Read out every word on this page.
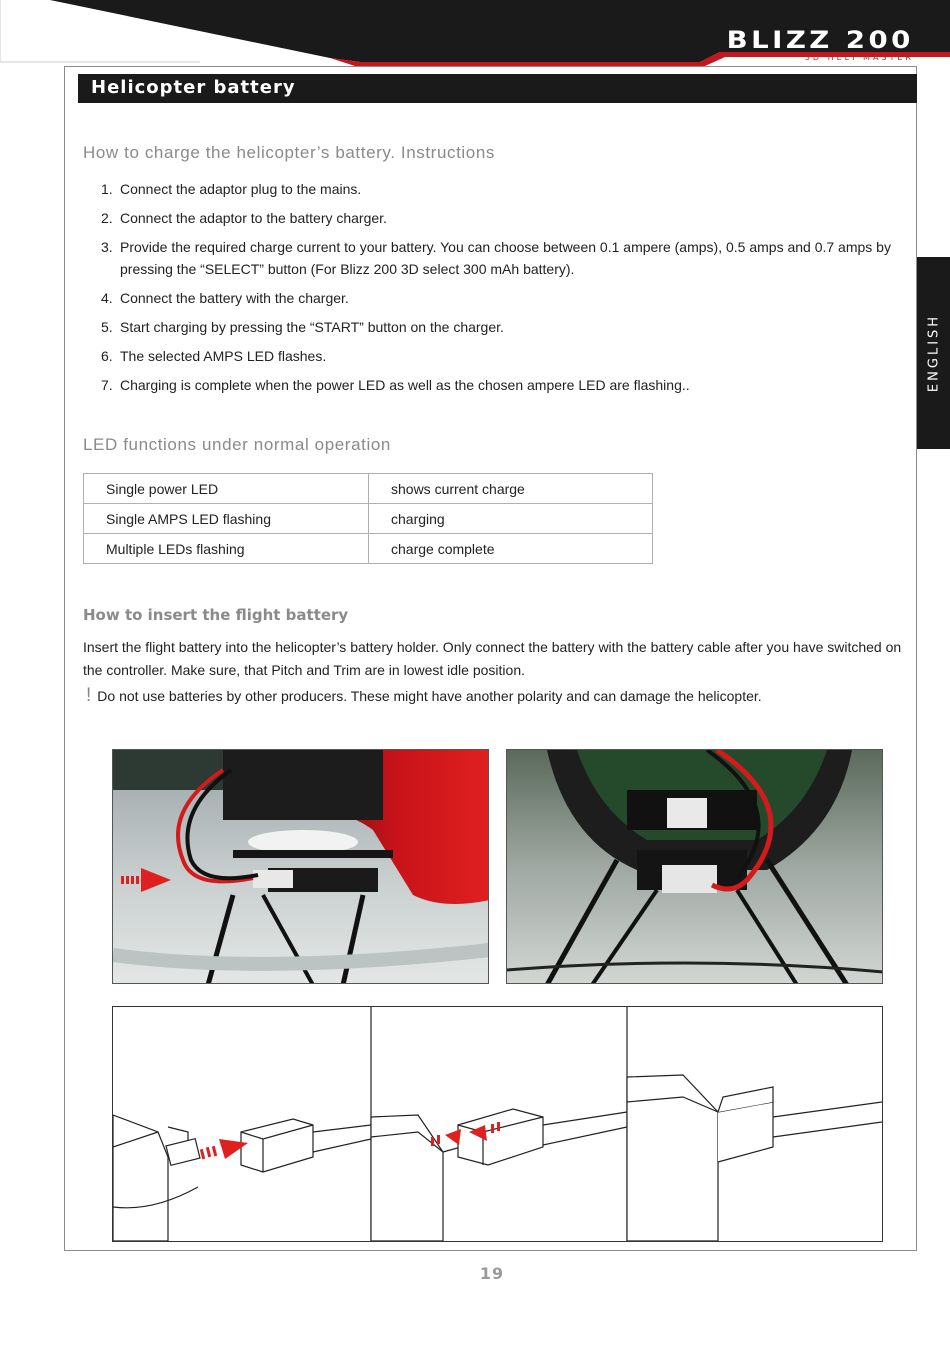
BLIZZ 200
3D HELI MASTER
Helicopter battery
ENGLISH
How to charge the helicopter’s battery. Instructions
1. Connect the adaptor plug to the mains.
2. Connect the adaptor to the battery charger.
3. Provide the required charge current to your battery. You can choose between 0.1 ampere (amps), 0.5 amps and 0.7 amps by pressing the “SELECT” button (For Blizz 200 3D select 300 mAh battery).
4. Connect the battery with the charger.
5. Start charging by pressing the “START” button on the charger.
6. The selected AMPS LED flashes.
7. Charging is complete when the power LED as well as the chosen ampere LED are flashing..
LED functions under normal operation
Single power LED	shows current charge
Single AMPS LED flashing	charging
Multiple LEDs flashing	charge complete
How to insert the flight battery
Insert the flight battery into the helicopter’s battery holder. Only connect the battery with the battery cable after you have switched on the controller. Make sure, that Pitch and Trim are in lowest idle position.
! Do not use batteries by other producers. These might have another polarity and can damage the helicopter.
19
